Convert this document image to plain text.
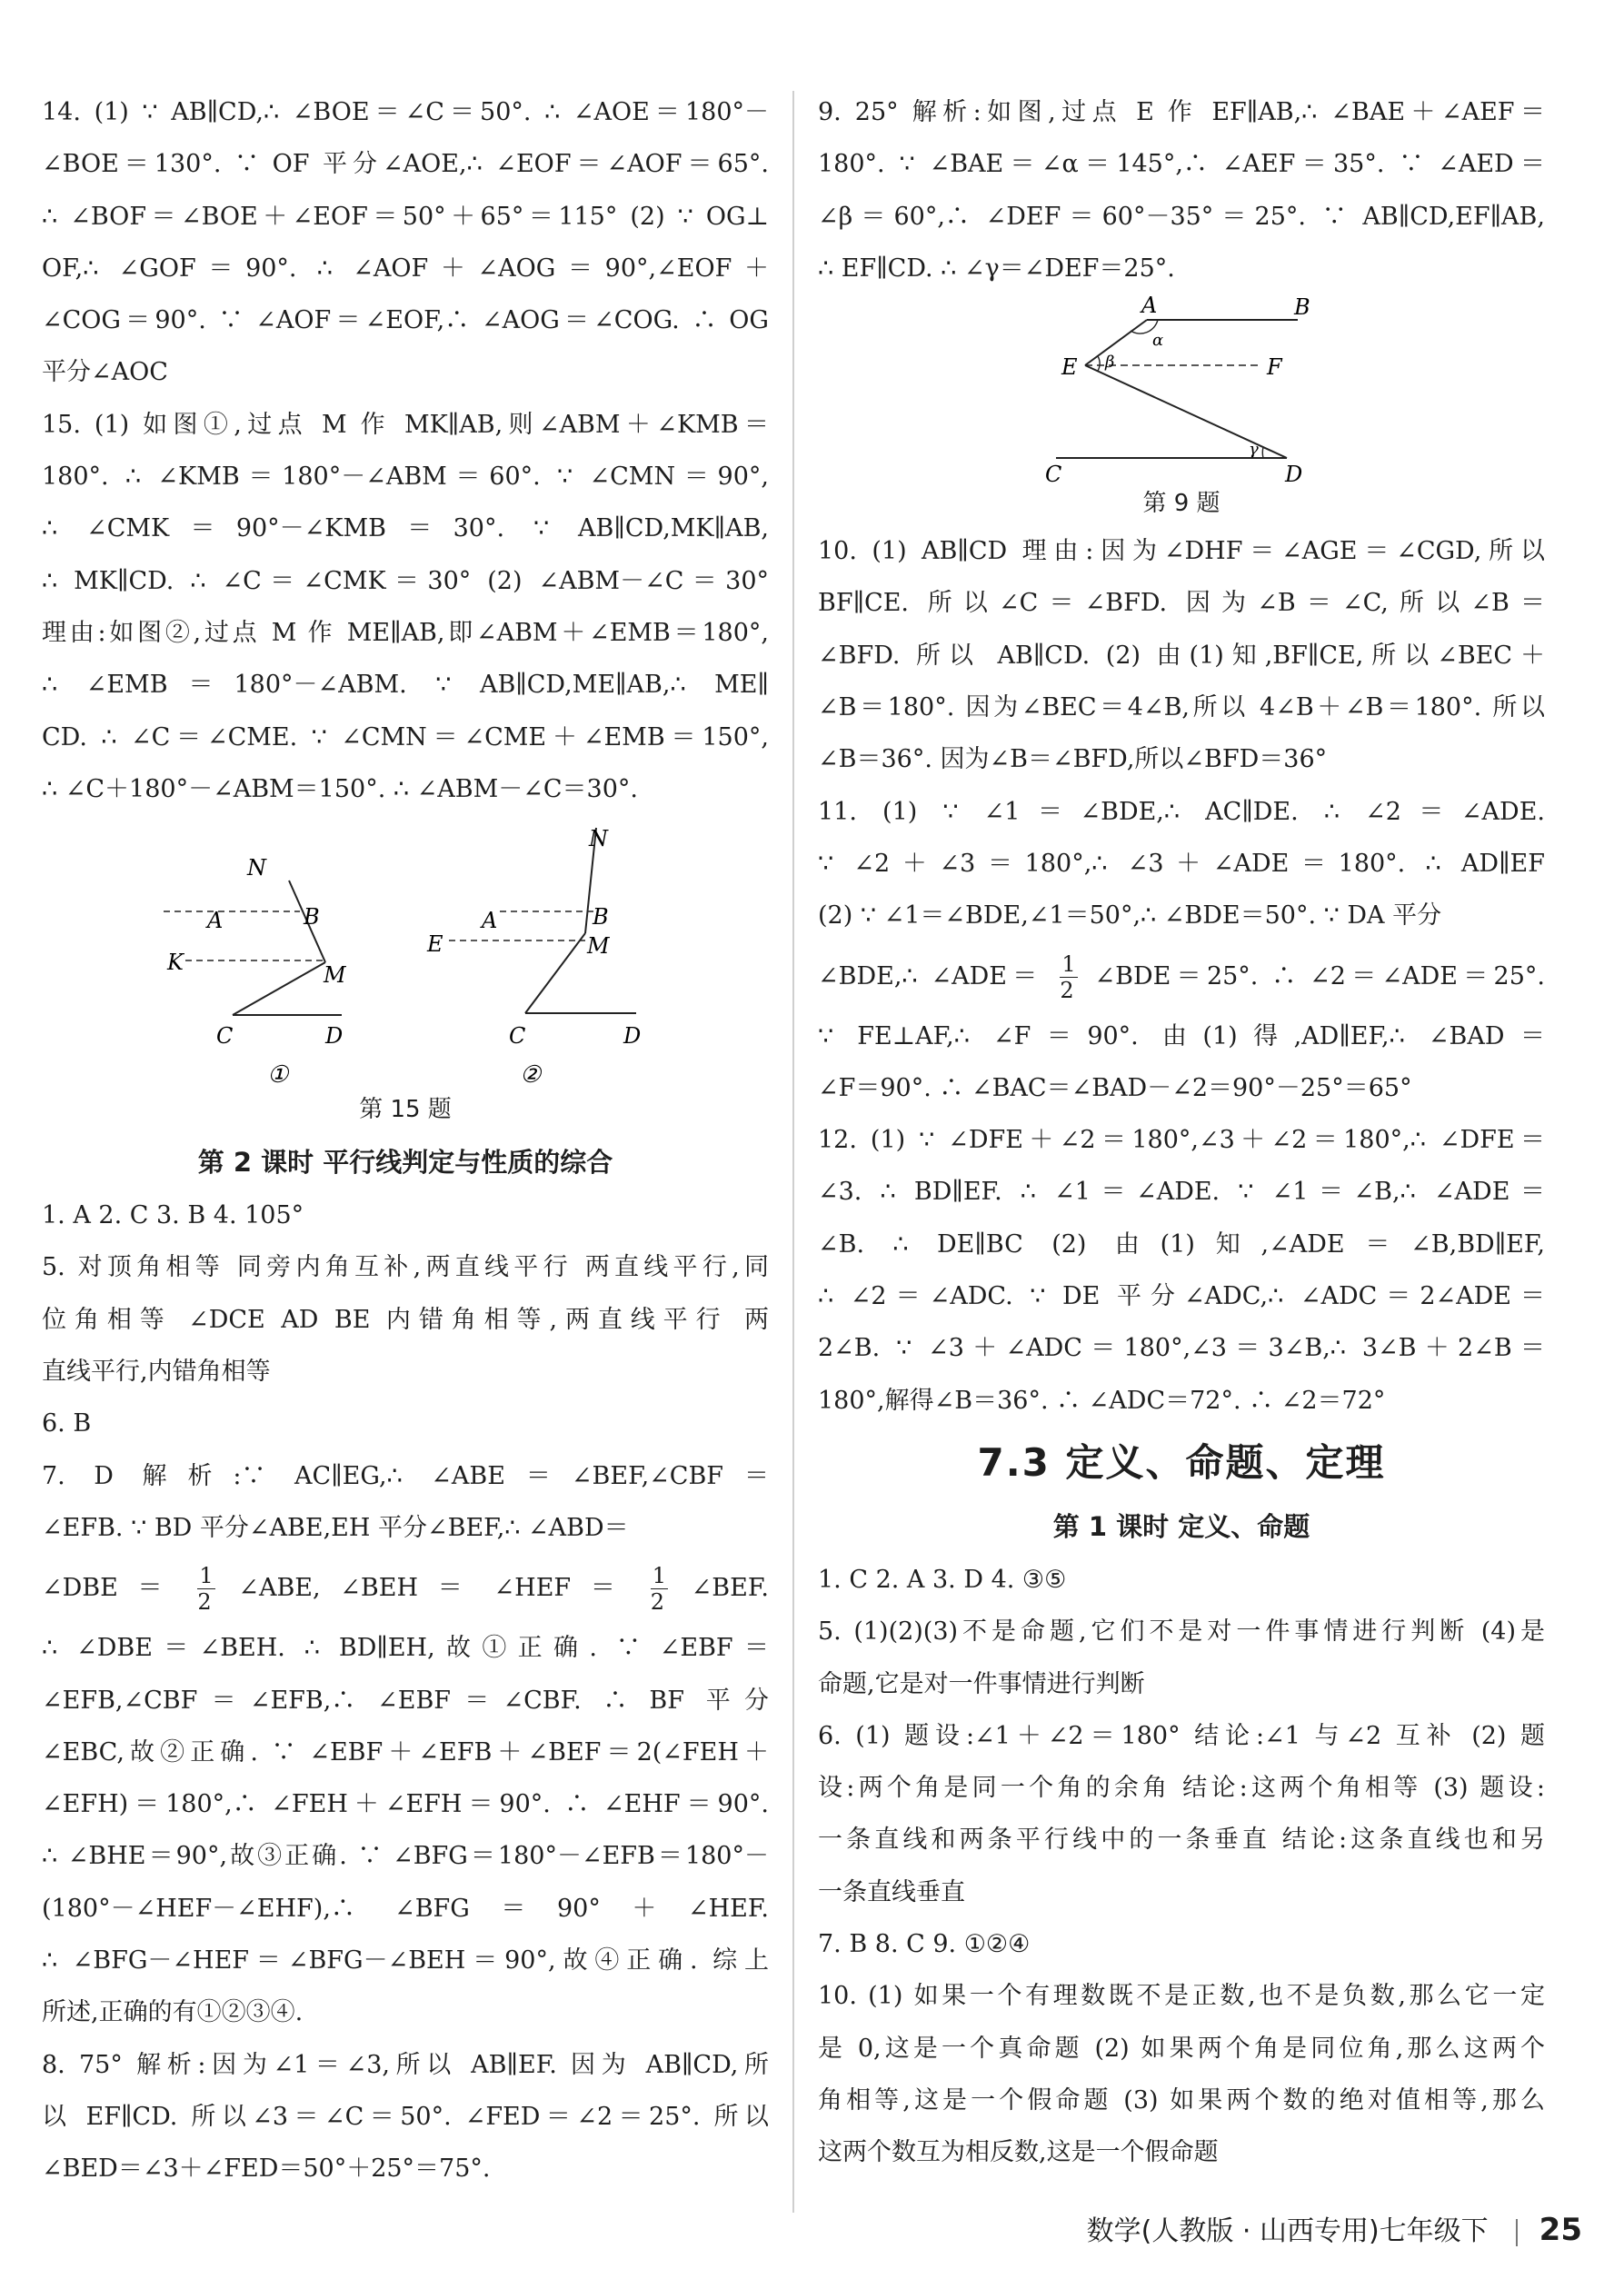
14. (1) ∵ AB∥CD,∴ ∠BOE＝∠C＝50°. ∴ ∠AOE＝180°－
∠BOE＝130°. ∵ OF 平分∠AOE,∴ ∠EOF＝∠AOF＝65°.
∴ ∠BOF＝∠BOE＋∠EOF＝50°＋65°＝115° (2) ∵ OG⊥
OF,∴ ∠GOF＝90°. ∴ ∠AOF＋∠AOG＝90°,∠EOF＋
∠COG＝90°. ∵ ∠AOF＝∠EOF,∴ ∠AOG＝∠COG. ∴ OG
平分∠AOC
15. (1) 如图①,过点 M 作 MK∥AB,则∠ABM＋∠KMB＝
180°. ∴ ∠KMB＝180°－∠ABM＝60°. ∵ ∠CMN＝90°,
∴ ∠CMK＝90°－∠KMB＝30°. ∵ AB∥CD,MK∥AB,
∴ MK∥CD. ∴ ∠C＝∠CMK＝30° (2) ∠ABM－∠C＝30°
理由:如图②,过点 M 作 ME∥AB,即∠ABM＋∠EMB＝180°,
∴ ∠EMB＝180°－∠ABM. ∵ AB∥CD,ME∥AB,∴ ME∥
CD. ∴ ∠C＝∠CME. ∵ ∠CMN＝∠CME＋∠EMB＝150°,
∴ ∠C＋180°－∠ABM＝150°. ∴ ∠ABM－∠C＝30°.
N
A	B
K	M
C	D
①
N
A	B
E	M
C	D
②
第 15 题
第 2 课时 平行线判定与性质的综合
1. A 2. C 3. B 4. 105°
5. 对顶角相等 同旁内角互补,两直线平行 两直线平行,同
位角相等 ∠DCE AD BE 内错角相等,两直线平行 两
直线平行,内错角相等
6. B
7. D 解析:∵ AC∥EG,∴ ∠ABE＝∠BEF,∠CBF＝
∠EFB. ∵ BD 平分∠ABE,EH 平分∠BEF,∴ ∠ABD＝
∠DBE ＝ $\frac{1}{2}$ ∠ABE, ∠BEH ＝ ∠HEF ＝ $\frac{1}{2}$ ∠BEF.
∴ ∠DBE＝∠BEH. ∴ BD∥EH,故①正确. ∵ ∠EBF＝
∠EFB,∠CBF＝∠EFB,∴ ∠EBF＝∠CBF. ∴ BF 平分
∠EBC,故②正确. ∵ ∠EBF＋∠EFB＋∠BEF＝2(∠FEH＋
∠EFH)＝180°,∴ ∠FEH＋∠EFH＝90°. ∴ ∠EHF＝90°.
∴ ∠BHE＝90°,故③正确. ∵ ∠BFG＝180°－∠EFB＝180°－
(180°－∠HEF－∠EHF),∴ ∠BFG＝90°＋∠HEF.
∴ ∠BFG－∠HEF＝∠BFG－∠BEH＝90°,故④正确. 综上
所述,正确的有①②③④.
8. 75° 解析:因为∠1＝∠3,所以 AB∥EF. 因为 AB∥CD,所
以 EF∥CD. 所以∠3＝∠C＝50°. ∠FED＝∠2＝25°. 所以
∠BED＝∠3＋∠FED＝50°＋25°＝75°.
9. 25° 解析:如图,过点 E 作 EF∥AB,∴ ∠BAE＋∠AEF＝
180°. ∵ ∠BAE＝∠α＝145°,∴ ∠AEF＝35°. ∵ ∠AED＝
∠β＝60°,∴ ∠DEF＝60°－35°＝25°. ∵ AB∥CD,EF∥AB,
∴ EF∥CD. ∴ ∠γ＝∠DEF＝25°.
A	B
E	F
C	D
α
β
γ
第 9 题
10. (1) AB∥CD 理由:因为∠DHF＝∠AGE＝∠CGD,所以
BF∥CE. 所以∠C＝∠BFD. 因为∠B＝∠C,所以∠B＝
∠BFD. 所以 AB∥CD. (2) 由(1)知,BF∥CE,所以∠BEC＋
∠B＝180°. 因为∠BEC＝4∠B,所以 4∠B＋∠B＝180°. 所以
∠B＝36°. 因为∠B＝∠BFD,所以∠BFD＝36°
11. (1) ∵ ∠1＝∠BDE,∴ AC∥DE. ∴ ∠2＝∠ADE.
∵ ∠2＋∠3＝180°,∴ ∠3＋∠ADE＝180°. ∴ AD∥EF
(2) ∵ ∠1＝∠BDE,∠1＝50°,∴ ∠BDE＝50°. ∵ DA 平分
∠BDE,∴ ∠ADE＝ $\frac{1}{2}$ ∠BDE＝25°. ∴ ∠2＝∠ADE＝25°.
∵ FE⊥AF,∴ ∠F＝90°. 由(1)得,AD∥EF,∴ ∠BAD＝
∠F＝90°. ∴ ∠BAC＝∠BAD－∠2＝90°－25°＝65°
12. (1) ∵ ∠DFE＋∠2＝180°,∠3＋∠2＝180°,∴ ∠DFE＝
∠3. ∴ BD∥EF. ∴ ∠1＝∠ADE. ∵ ∠1＝∠B,∴ ∠ADE＝
∠B. ∴ DE∥BC (2) 由(1)知,∠ADE＝∠B,BD∥EF,
∴ ∠2＝∠ADC. ∵ DE 平分∠ADC,∴ ∠ADC＝2∠ADE＝
2∠B. ∵ ∠3＋∠ADC＝180°,∠3＝3∠B,∴ 3∠B＋2∠B＝
180°,解得∠B＝36°. ∴ ∠ADC＝72°. ∴ ∠2＝72°
7.3 定义、命题、定理
第 1 课时 定义、命题
1. C 2. A 3. D 4. ③⑤
5. (1)(2)(3)不是命题,它们不是对一件事情进行判断 (4)是
命题,它是对一件事情进行判断
6. (1) 题设:∠1＋∠2＝180° 结论:∠1 与∠2 互补 (2) 题
设:两个角是同一个角的余角 结论:这两个角相等 (3) 题设:
一条直线和两条平行线中的一条垂直 结论:这条直线也和另
一条直线垂直
7. B 8. C 9. ①②④
10. (1) 如果一个有理数既不是正数,也不是负数,那么它一定
是 0,这是一个真命题 (2) 如果两个角是同位角,那么这两个
角相等,这是一个假命题 (3) 如果两个数的绝对值相等,那么
这两个数互为相反数,这是一个假命题
数学(人教版 · 山西专用)七年级下 25
